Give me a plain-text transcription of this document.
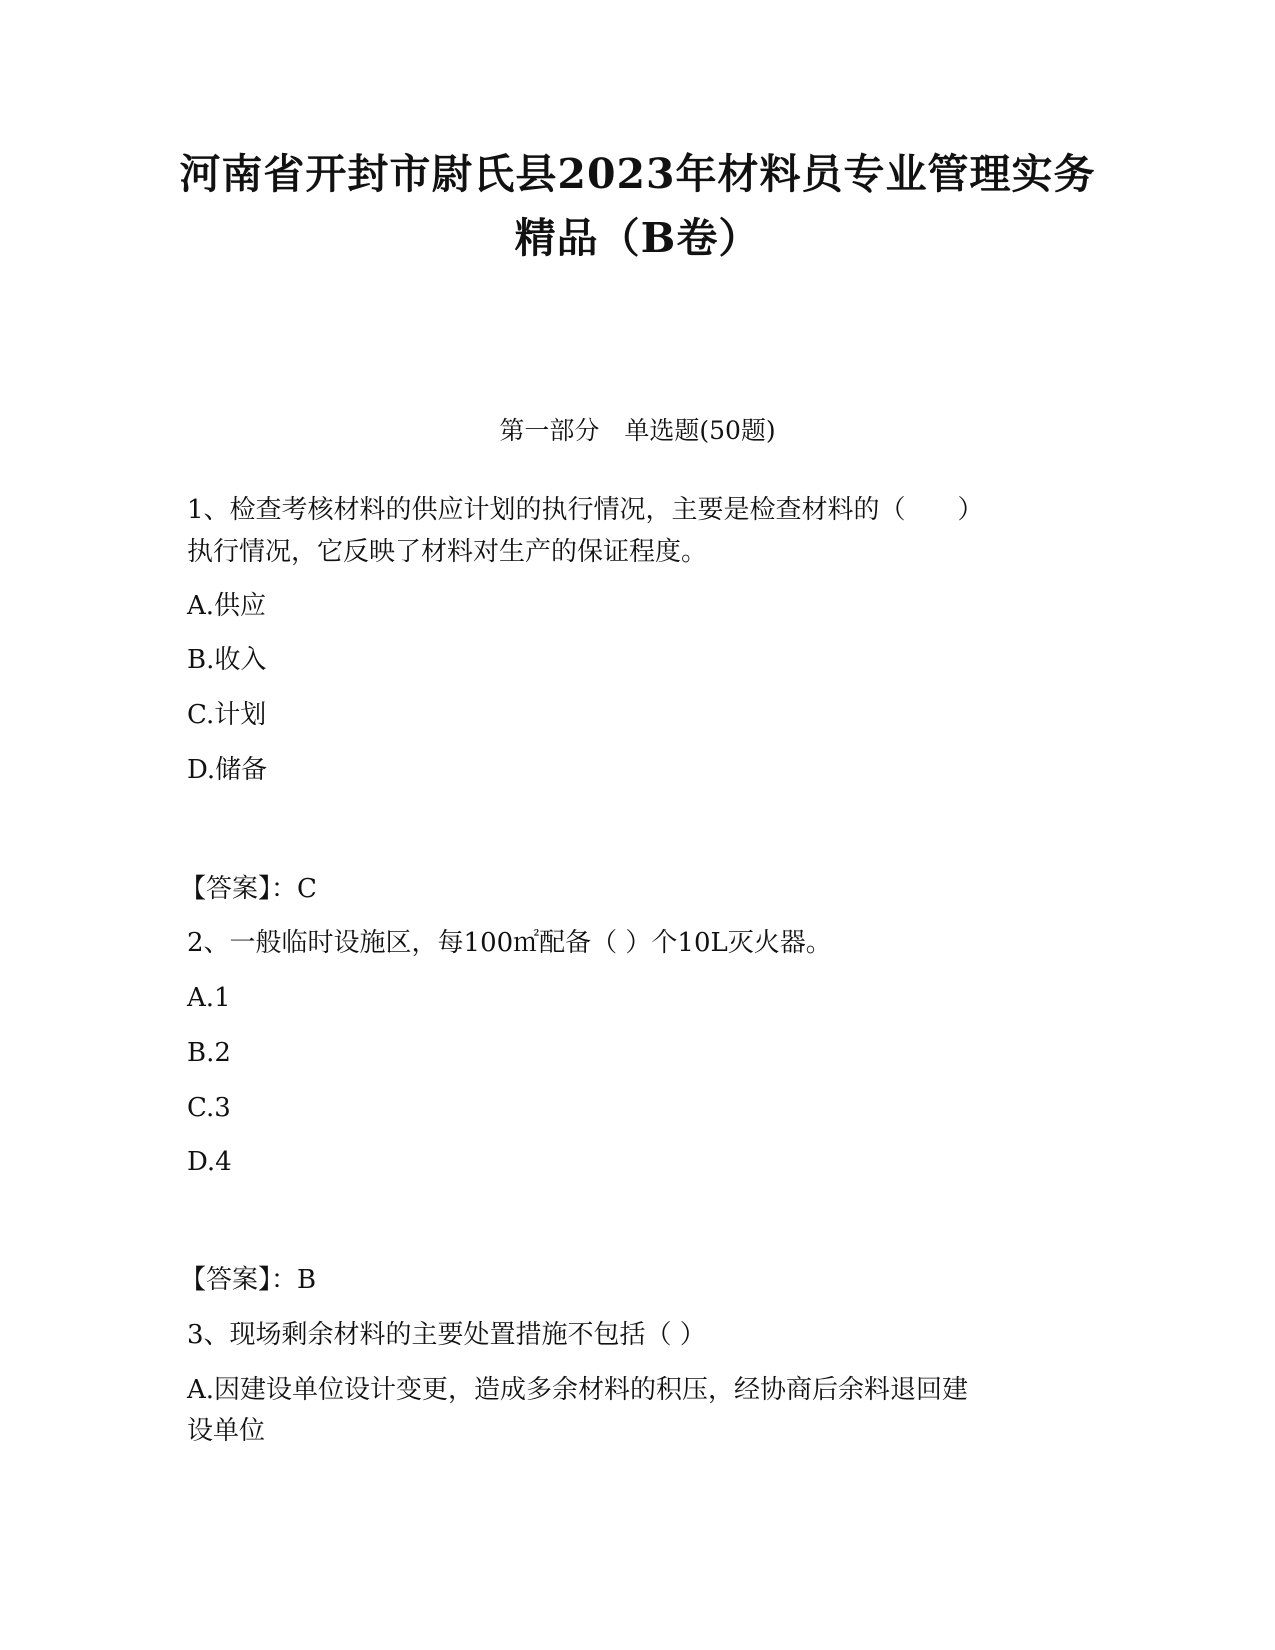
河南省开封市尉氏县2023年材料员专业管理实务
精品（B卷）
第一部分　单选题(50题)
1、检查考核材料的供应计划的执行情况，主要是检查材料的（　　）
执行情况，它反映了材料对生产的保证程度。
A.供应
B.收入
C.计划
D.储备
【答案】：C
2、一般临时设施区，每100㎡配备（ ）个10L灭火器。
A.1
B.2
C.3
D.4
【答案】：B
3、现场剩余材料的主要处置措施不包括（ ）
A.因建设单位设计变更，造成多余材料的积压，经协商后余料退回建
设单位
